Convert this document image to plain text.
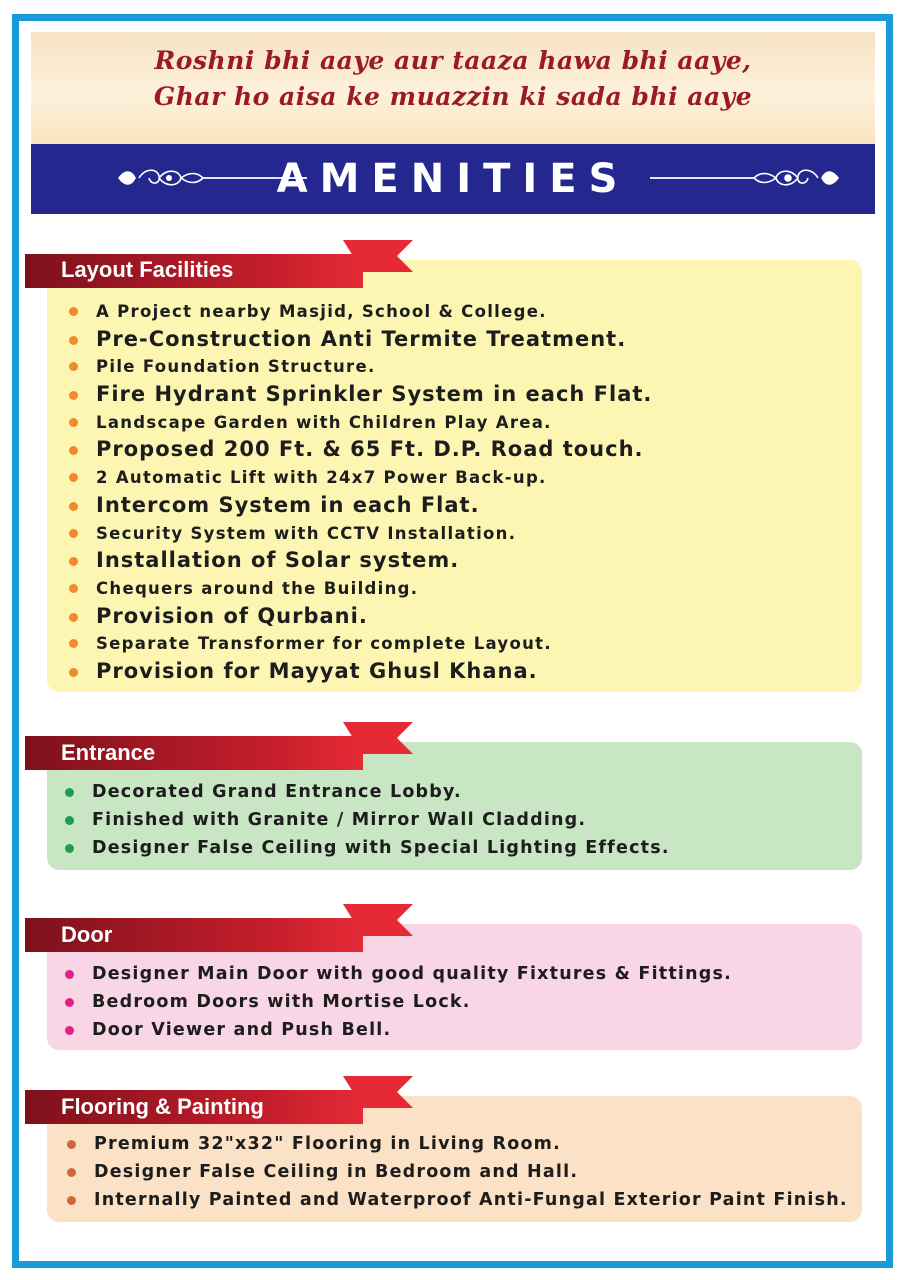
Roshni bhi aaye aur taaza hawa bhi aaye,
Ghar ho aisa ke muazzin ki sada bhi aaye
AMENITIES
Layout Facilities
A Project nearby Masjid, School & College.
Pre-Construction Anti Termite Treatment.
Pile Foundation Structure.
Fire Hydrant Sprinkler System in each Flat.
Landscape Garden with Children Play Area.
Proposed 200 Ft. & 65 Ft. D.P. Road touch.
2 Automatic Lift with 24x7 Power Back-up.
Intercom System in each Flat.
Security System with CCTV Installation.
Installation of Solar system.
Chequers around the Building.
Provision of Qurbani.
Separate Transformer for complete Layout.
Provision for Mayyat Ghusl Khana.
Entrance
Decorated Grand Entrance Lobby.
Finished with Granite / Mirror Wall Cladding.
Designer False Ceiling with Special Lighting Effects.
Door
Designer Main Door with good quality Fixtures & Fittings.
Bedroom Doors with Mortise Lock.
Door Viewer and Push Bell.
Flooring & Painting
Premium 32"x32" Flooring in Living Room.
Designer False Ceiling in Bedroom and Hall.
Internally Painted and Waterproof Anti-Fungal Exterior Paint Finish.
